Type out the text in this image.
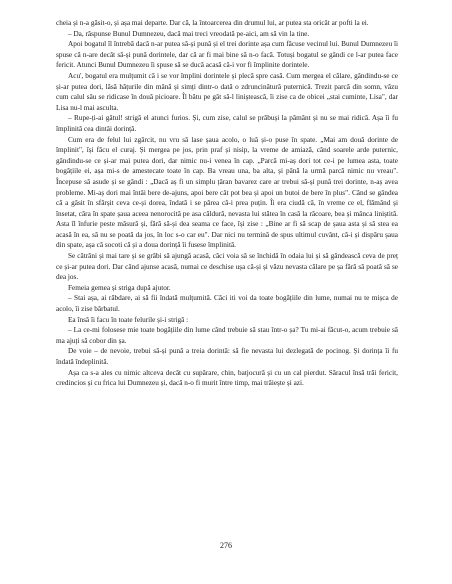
cheia și n-a găsit-o, și așa mai departe. Dar că, la întoarcerea din drumul lui, ar putea sta oricât ar pofti la ei.

– Da, răspunse Bunul Dumnezeu, dacă mai treci vreodată pe-aici, am să vin la tine.

Apoi bogatul îl întrebă dacă n-ar putea să-și pună și el trei dorinte așa cum făcuse vecinul lui. Bunul Dumnezeu îi spuse că n-are decât să-și pună dorintele, dar că ar fi mai bine să n-o facă. Totuși bogatul se gândi ce l-ar putea face fericit. Atunci Bunul Dumnezeu îi spuse să se ducă acasă că-i vor fi împlinite dorintele.

Acu', bogatul era mulțumit că i se vor împlini dorintele și plecă spre casă. Cum mergea el călare, gândindu-se ce și-ar putea dori, lăsă hățurile din mână și simți dintr-o dată o zdruncinătură puternică. Trezit parcă din somn, văzu cum calul său se ridicase în două picioare. Îl bătu pe gât să-l liniștească, îi zise ca de obicei „stai cuminte, Lisa", dar Lisa nu-l mai asculta.

– Rupe-ți-ai gâtul! strigă el atunci furios. Și, cum zise, calul se prăbuși la pământ și nu se mai ridică. Așa îi fu împlinită cea dintâi dorință.

Cum era de felul lui zgârcit, nu vru să lase șaua acolo, o luă și-o puse în spate. „Mai am două dorinte de împlinit", își făcu el curaj. Și mergea pe jos, prin praf și nisip, la vreme de amiază, când soarele arde puternic, gândindu-se ce și-ar mai putea dori, dar nimic nu-i venea în cap. „Parcă mi-aș dori tot ce-i pe lumea asta, toate bogățiile ei, așa mi-s de amestecate toate în cap. Ba vreau una, ba alta, și până la urmă parcă nimic nu vreau". Începuse să asude și se gândi : „Dacă aș fi un simplu țăran bavarez care ar trebui să-și pună trei dorinte, n-aș avea probleme. Mi-aș dori mai întâi bere de-ajuns, apoi bere cât pot bea și apoi un butoi de bere în plus". Când se gândea că a găsit în sfârșit ceva ce-și dorea, îndată i se părea că-i prea puțin. Îi era ciudă că, în vreme ce el, flămând și însetat, căra în spate șaua aceea nenorocită pe asa căldură, nevasta lui stătea în casă la răcoare, bea și mânca liniștită. Asta îl înfurie peste măsură și, fără să-și dea seama ce face, își zise : „Bine ar fi să scap de șaua asta și să stea ea acasă în ea, să nu se poată da jos, în loc s-o car eu". Dar nici nu termină de spus ultimul cuvânt, că-i și dispăru șaua din spate, așa că socoti că și a doua dorință îi fusese împlinită.

Se cătrăni și mai tare și se grăbi să ajungă acasă, căci voia să se închidă în odaia lui și să gândească ceva de preț ce și-ar putea dori. Dar când ajunse acasă, numai ce deschise ușa că-și și văzu nevasta călare pe șa fără să poată să se dea jos.

Femeia gemea și striga după ajutor.

– Stai așa, ai răbdare, ai să fii îndată mulțumită. Căci iti voi da toate bogățiile din lume, numai nu te mișca de acolo, îi zise bărbatul.

Ea însă îi facu în toate felurile și-i strigă :

– La ce-mi folosese mie toate bogățiile din lume când trebuie să stau într-o șa? Tu mi-ai făcut-o, acum trebuie să ma ajuți să cobor din șa.

De voie – de nevoie, trebui să-și pună a treia dorintă: să fie nevasta lui dezlegată de pocinog. Și dorința îi fu îndată îndeplinită.

Așa ca s-a ales cu nimic altceva decât cu supărare, chin, batjocură și cu un cal pierdut. Săracul însă trăi fericit, credincios și cu frica lui Dumnezeu și, dacă n-o fi murit între timp, mai trăiește și azi.

276
